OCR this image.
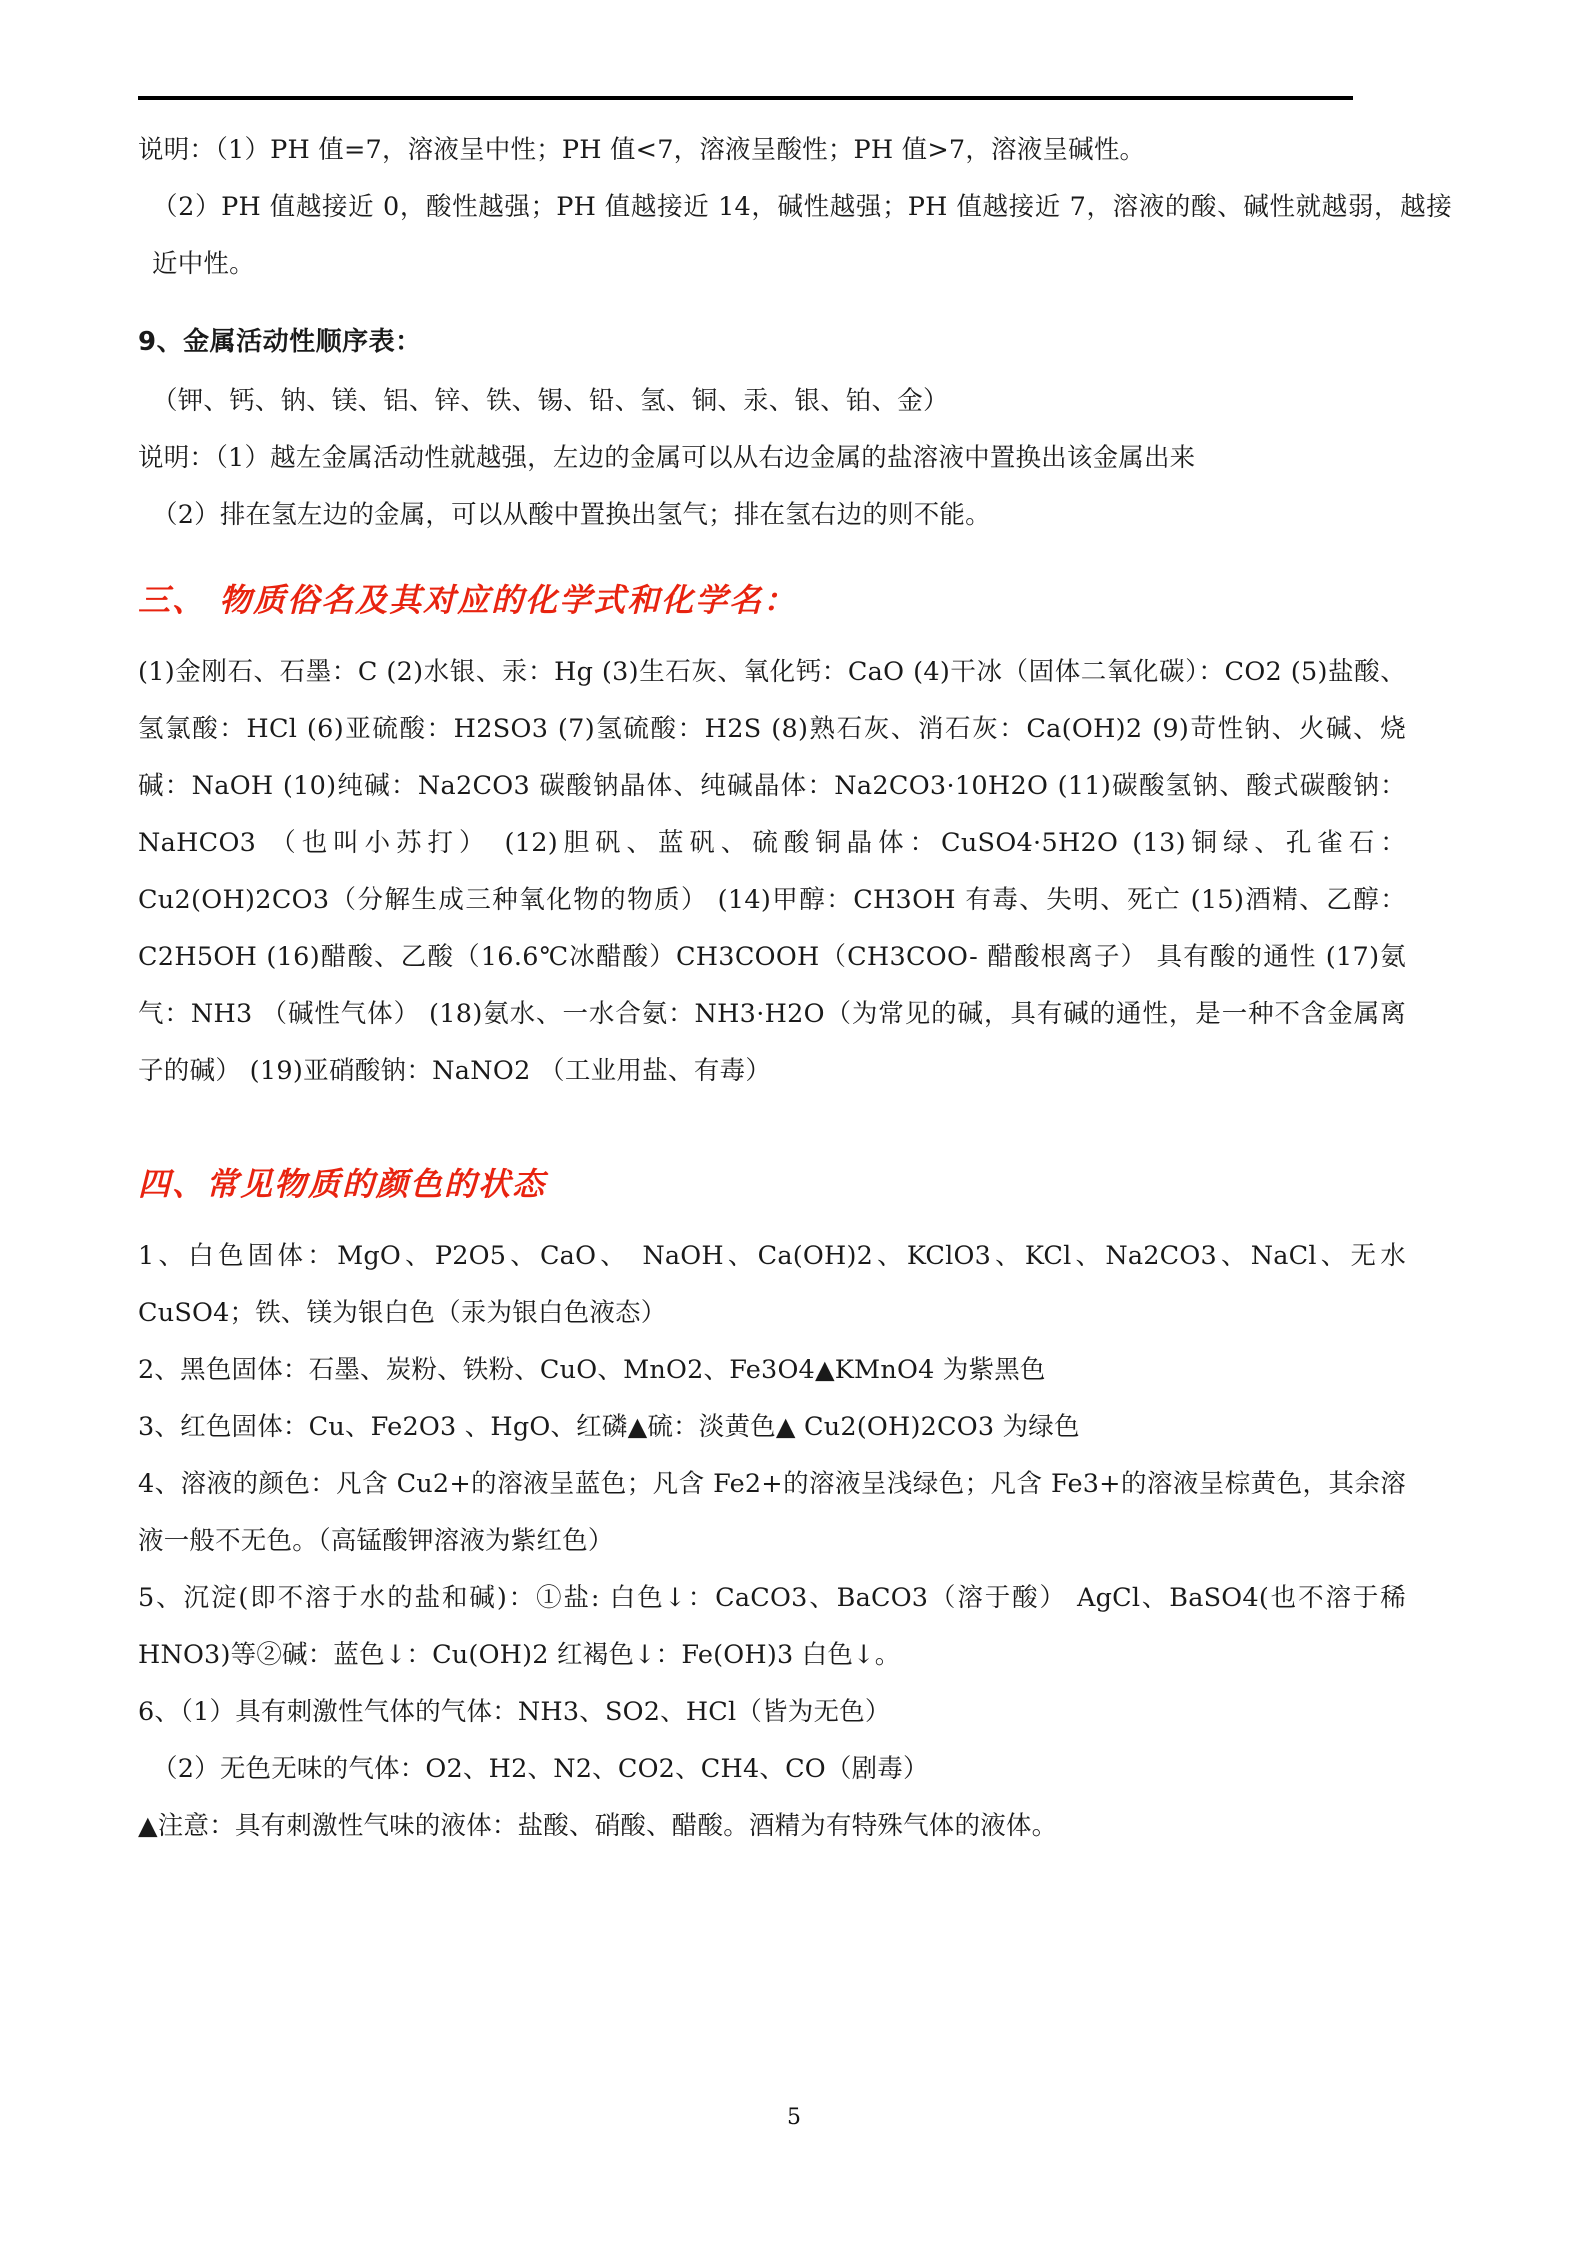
说明：（1）PH 值=7，溶液呈中性；PH 值<7，溶液呈酸性；PH 值>7，溶液呈碱性。

（2）PH 值越接近 0，酸性越强；PH 值越接近 14，碱性越强；PH 值越接近 7，溶液的酸、碱性就越弱，越接近中性。

9、金属活动性顺序表：

（钾、钙、钠、镁、铝、锌、铁、锡、铅、氢、铜、汞、银、铂、金）

说明：（1）越左金属活动性就越强，左边的金属可以从右边金属的盐溶液中置换出该金属出来

（2）排在氢左边的金属，可以从酸中置换出氢气；排在氢右边的则不能。

三、 物质俗名及其对应的化学式和化学名：

(1)金刚石、石墨：C (2)水银、汞：Hg (3)生石灰、氧化钙：CaO (4)干冰（固体二氧化碳）：CO2 (5)盐酸、氢氯酸：HCl (6)亚硫酸：H2SO3 (7)氢硫酸：H2S (8)熟石灰、消石灰：Ca(OH)2 (9)苛性钠、火碱、烧碱：NaOH (10)纯碱：Na2CO3 碳酸钠晶体、纯碱晶体：Na2CO3·10H2O (11)碳酸氢钠、酸式碳酸钠：NaHCO3 （也叫小苏打） (12)胆矾、蓝矾、硫酸铜晶体：CuSO4·5H2O (13)铜绿、孔雀石：Cu2(OH)2CO3（分解生成三种氧化物的物质） (14)甲醇：CH3OH 有毒、失明、死亡 (15)酒精、乙醇：C2H5OH (16)醋酸、乙酸（16.6℃冰醋酸）CH3COOH（CH3COO- 醋酸根离子） 具有酸的通性 (17)氨气：NH3 （碱性气体） (18)氨水、一水合氨：NH3·H2O（为常见的碱，具有碱的通性，是一种不含金属离子的碱） (19)亚硝酸钠：NaNO2 （工业用盐、有毒）

四、常见物质的颜色的状态

1、白色固体：MgO、P2O5、CaO、 NaOH、Ca(OH)2、KClO3、KCl、Na2CO3、NaCl、无水 CuSO4；铁、镁为银白色（汞为银白色液态）

2、黑色固体：石墨、炭粉、铁粉、CuO、MnO2、Fe3O4▲KMnO4 为紫黑色

3、红色固体：Cu、Fe2O3 、HgO、红磷▲硫：淡黄色▲ Cu2(OH)2CO3 为绿色

4、溶液的颜色：凡含 Cu2+的溶液呈蓝色；凡含 Fe2+的溶液呈浅绿色；凡含 Fe3+的溶液呈棕黄色，其余溶液一般不无色。（高锰酸钾溶液为紫红色）

5、沉淀(即不溶于水的盐和碱)：①盐: 白色↓：CaCO3、BaCO3（溶于酸） AgCl、BaSO4(也不溶于稀 HNO3)等②碱：蓝色↓：Cu(OH)2 红褐色↓：Fe(OH)3 白色↓。

6、（1）具有刺激性气体的气体：NH3、SO2、HCl（皆为无色）

（2）无色无味的气体：O2、H2、N2、CO2、CH4、CO（剧毒）

▲注意：具有刺激性气味的液体：盐酸、硝酸、醋酸。酒精为有特殊气体的液体。

5
